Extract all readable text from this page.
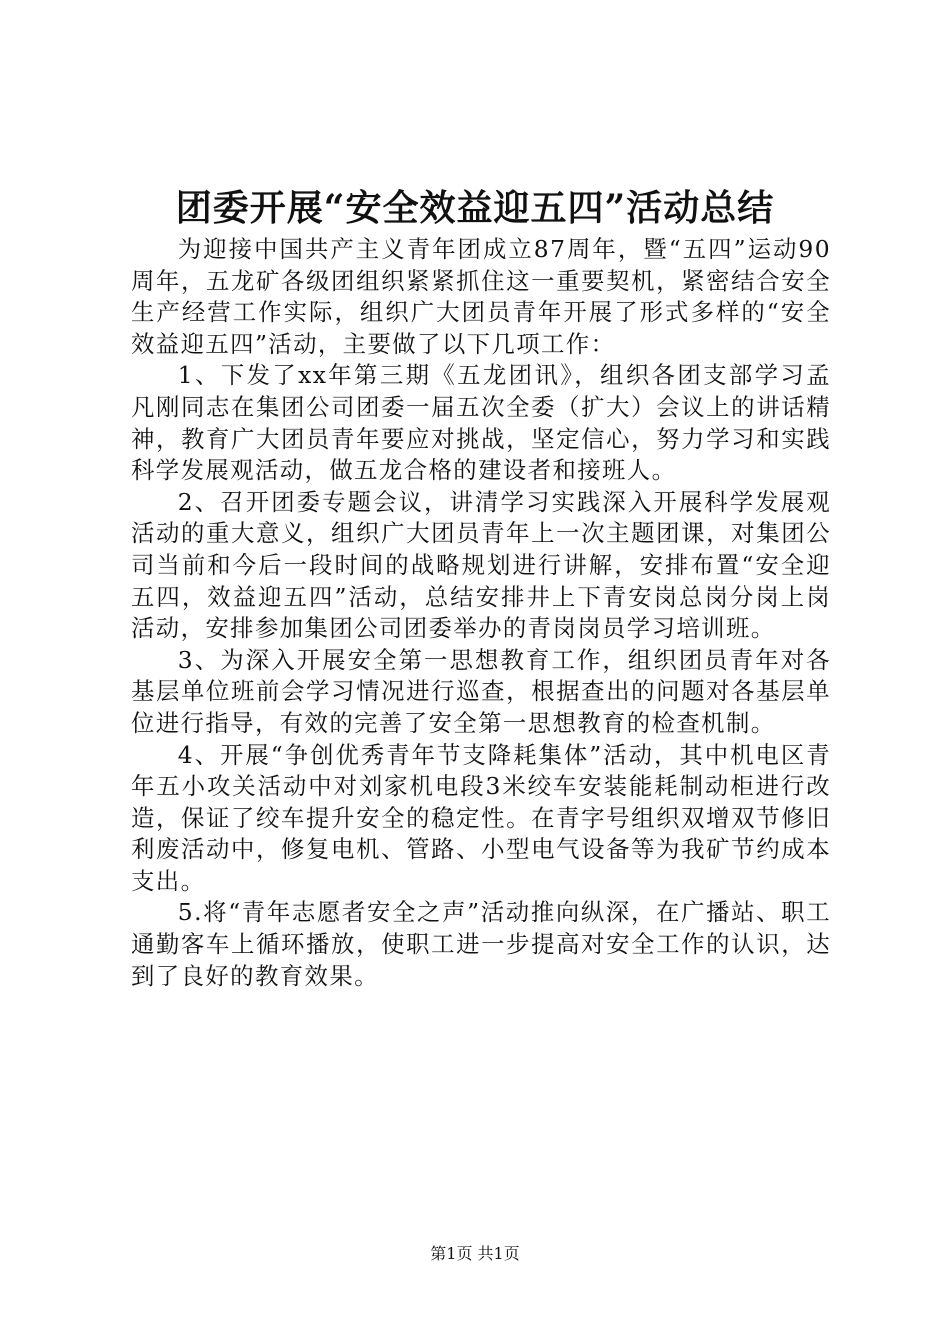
团委开展“安全效益迎五四”活动总结

为迎接中国共产主义青年团成立87周年，暨“五四”运动90周年，五龙矿各级团组织紧紧抓住这一重要契机，紧密结合安全生产经营工作实际，组织广大团员青年开展了形式多样的“安全效益迎五四”活动，主要做了以下几项工作：

1、下发了xx年第三期《五龙团讯》，组织各团支部学习孟凡刚同志在集团公司团委一届五次全委（扩大）会议上的讲话精神，教育广大团员青年要应对挑战，坚定信心，努力学习和实践科学发展观活动，做五龙合格的建设者和接班人。

2、召开团委专题会议，讲清学习实践深入开展科学发展观活动的重大意义，组织广大团员青年上一次主题团课，对集团公司当前和今后一段时间的战略规划进行讲解，安排布置“安全迎五四，效益迎五四”活动，总结安排井上下青安岗总岗分岗上岗活动，安排参加集团公司团委举办的青岗岗员学习培训班。

3、为深入开展安全第一思想教育工作，组织团员青年对各基层单位班前会学习情况进行巡查，根据查出的问题对各基层单位进行指导，有效的完善了安全第一思想教育的检查机制。

4、开展“争创优秀青年节支降耗集体”活动，其中机电区青年五小攻关活动中对刘家机电段3米绞车安装能耗制动柜进行改造，保证了绞车提升安全的稳定性。在青字号组织双增双节修旧利废活动中，修复电机、管路、小型电气设备等为我矿节约成本支出。

5.将“青年志愿者安全之声”活动推向纵深，在广播站、职工通勤客车上循环播放，使职工进一步提高对安全工作的认识，达到了良好的教育效果。

第1页 共1页
